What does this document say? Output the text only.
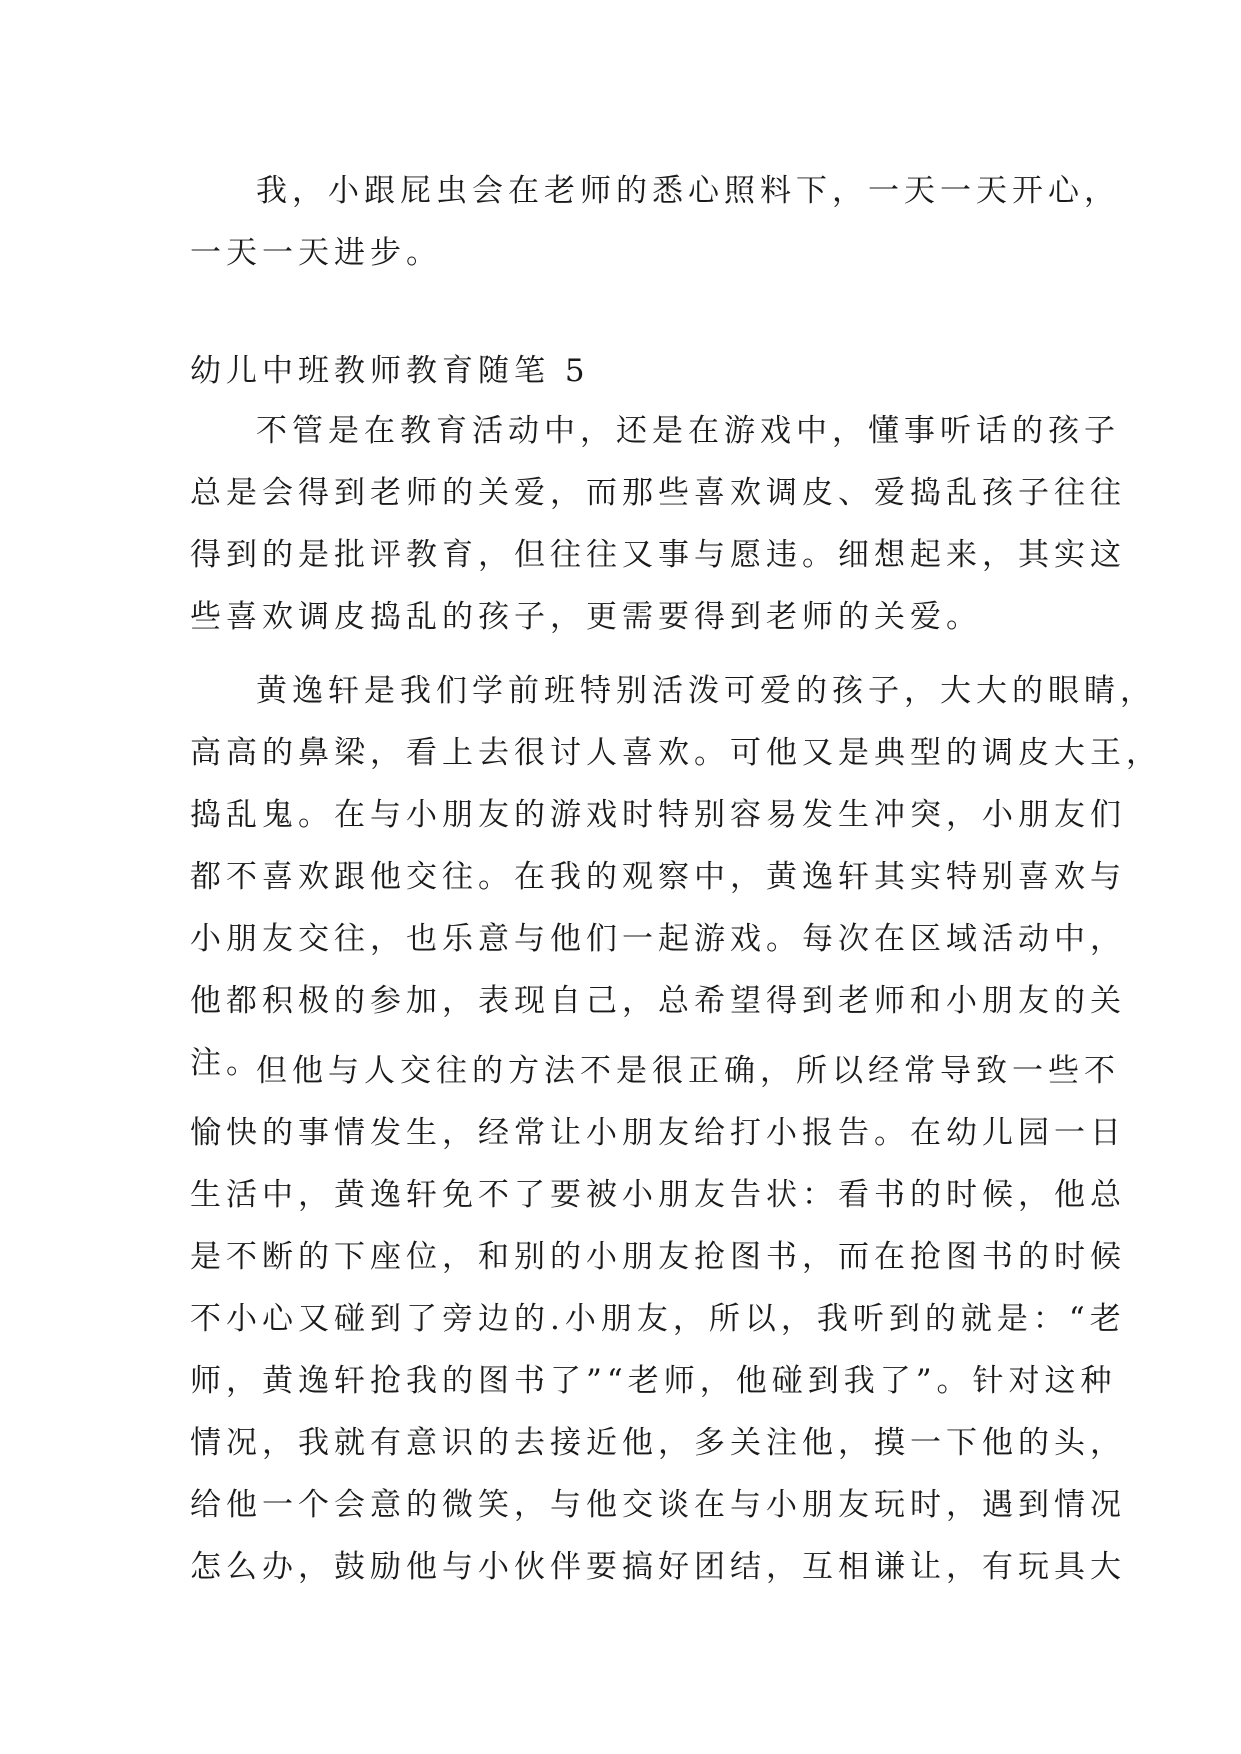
我，小跟屁虫会在老师的悉心照料下，一天一天开心，
一天一天进步。
幼儿中班教师教育随笔 5
不管是在教育活动中，还是在游戏中，懂事听话的孩子
总是会得到老师的关爱，而那些喜欢调皮、爱捣乱孩子往往
得到的是批评教育，但往往又事与愿违。细想起来，其实这
些喜欢调皮捣乱的孩子，更需要得到老师的关爱。
黄逸轩是我们学前班特别活泼可爱的孩子，大大的眼睛，
高高的鼻梁，看上去很讨人喜欢。可他又是典型的调皮大王，
捣乱鬼。在与小朋友的游戏时特别容易发生冲突，小朋友们
都不喜欢跟他交往。在我的观察中，黄逸轩其实特别喜欢与
小朋友交往，也乐意与他们一起游戏。每次在区域活动中，
他都积极的参加，表现自己，总希望得到老师和小朋友的关
注。
但他与人交往的方法不是很正确，所以经常导致一些不
愉快的事情发生，经常让小朋友给打小报告。在幼儿园一日
生活中，黄逸轩免不了要被小朋友告状：看书的时候，他总
是不断的下座位，和别的小朋友抢图书，而在抢图书的时候
不小心又碰到了旁边的.小朋友，所以，我听到的就是：“老
师，黄逸轩抢我的图书了”“老师，他碰到我了”。针对这种
情况，我就有意识的去接近他，多关注他，摸一下他的头，
给他一个会意的微笑，与他交谈在与小朋友玩时，遇到情况
怎么办，鼓励他与小伙伴要搞好团结，互相谦让，有玩具大
